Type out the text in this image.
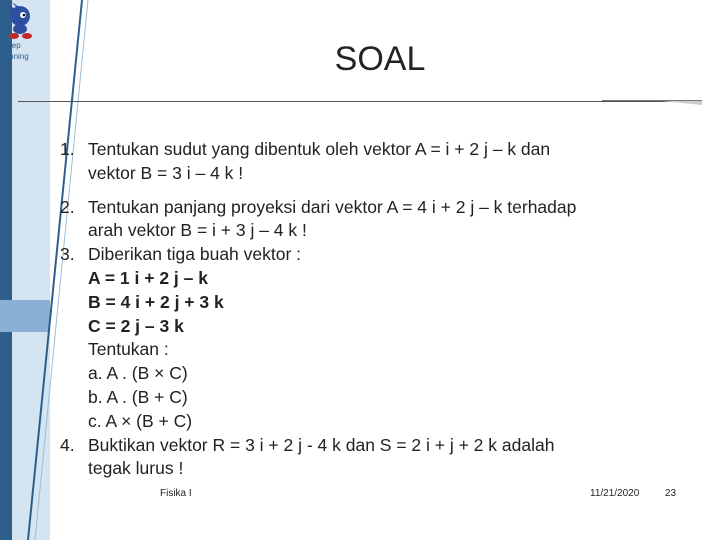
Keep
running	SOAL
1. Tentukan sudut yang dibentuk oleh vektor A = i + 2 j – k dan
vektor B = 3 i – 4 k !
2. Tentukan panjang proyeksi dari vektor A = 4 i + 2 j – k terhadap
arah vektor B = i + 3 j – 4 k !
3. Diberikan tiga buah vektor :
A = 1 i + 2 j – k
B = 4 i + 2 j + 3 k
C = 2 j – 3 k
Tentukan :
a. A . (B × C)
b. A . (B + C)
c. A × (B + C)
4. Buktikan vektor R = 3 i + 2 j - 4 k dan S = 2 i + j + 2 k adalah
tegak lurus !
Fisika I	11/21/2020	23
